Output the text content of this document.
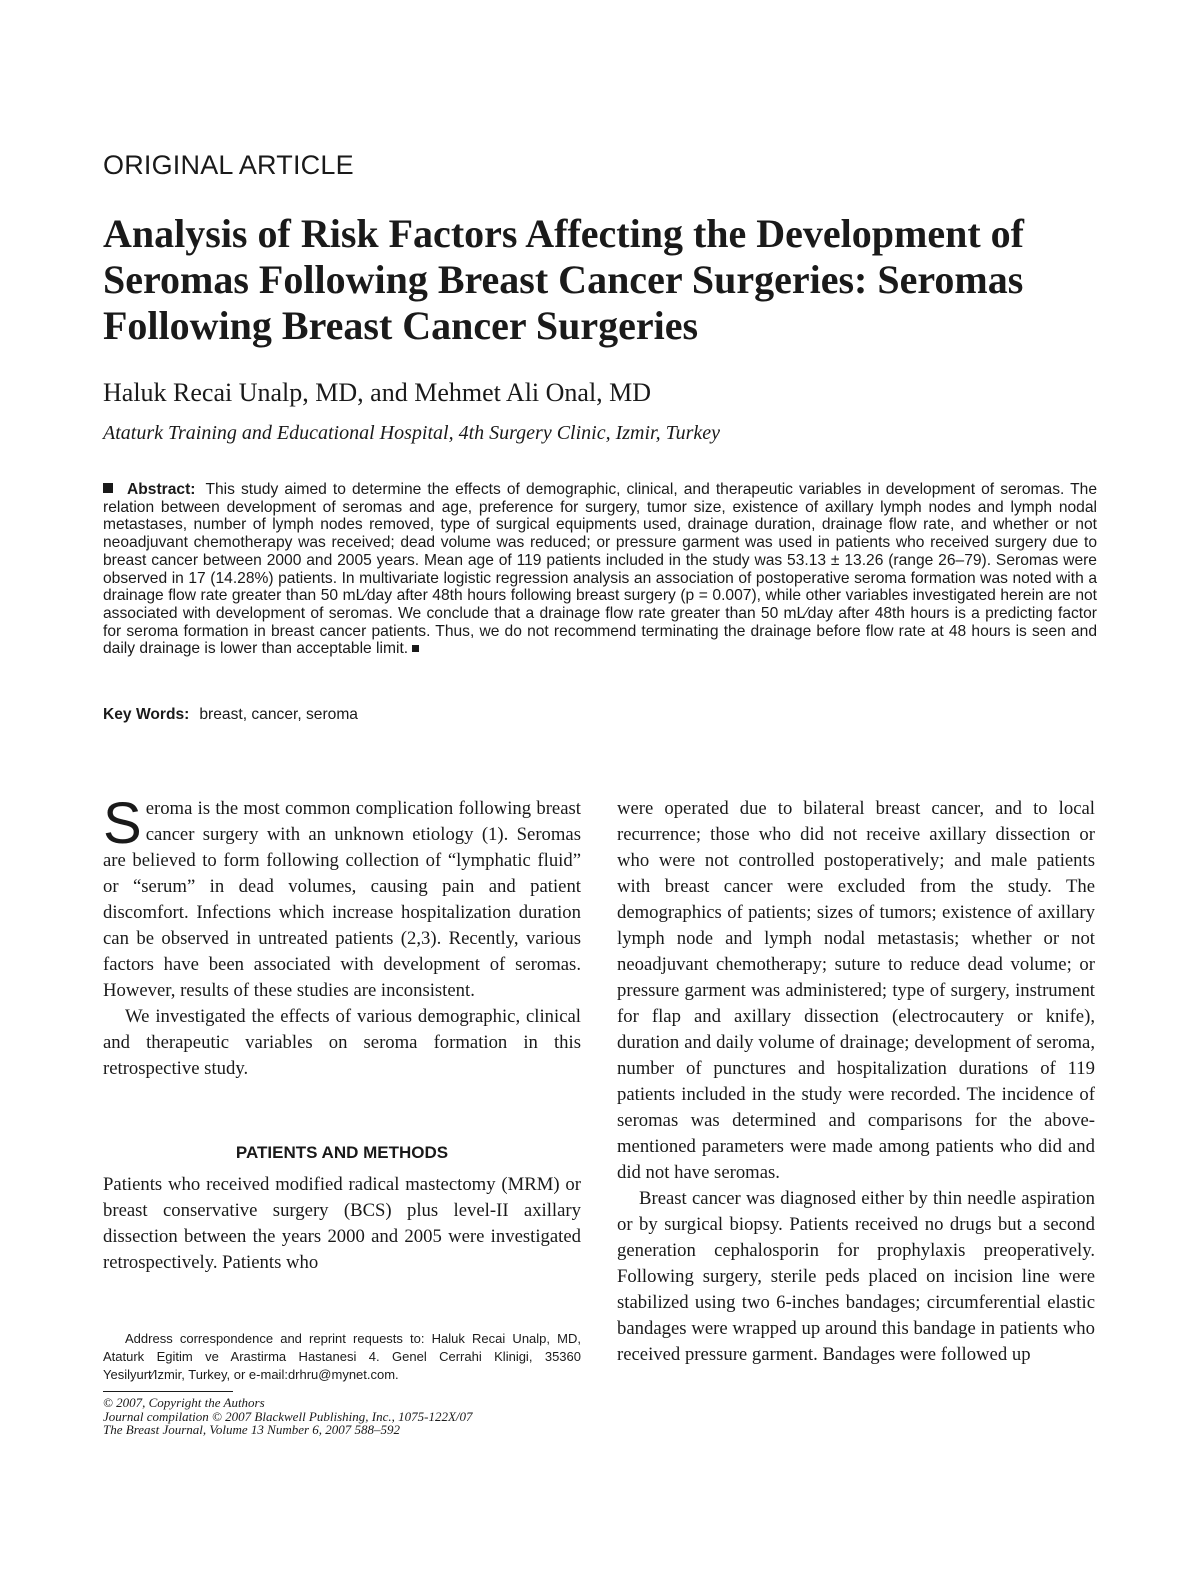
ORIGINAL ARTICLE
Analysis of Risk Factors Affecting the Development of Seromas Following Breast Cancer Surgeries: Seromas Following Breast Cancer Surgeries
Haluk Recai Unalp, MD, and Mehmet Ali Onal, MD
Ataturk Training and Educational Hospital, 4th Surgery Clinic, Izmir, Turkey

Abstract: This study aimed to determine the effects of demographic, clinical, and therapeutic variables in development of seromas. The relation between development of seromas and age, preference for surgery, tumor size, existence of axillary lymph nodes and lymph nodal metastases, number of lymph nodes removed, type of surgical equipments used, drainage duration, drainage flow rate, and whether or not neoadjuvant chemotherapy was received; dead volume was reduced; or pressure garment was used in patients who received surgery due to breast cancer between 2000 and 2005 years. Mean age of 119 patients included in the study was 53.13 ± 13.26 (range 26–79). Seromas were observed in 17 (14.28%) patients. In multivariate logistic regression analysis an association of postoperative seroma formation was noted with a drainage flow rate greater than 50 mL⁄day after 48th hours following breast surgery (p = 0.007), while other variables investigated herein are not associated with development of seromas. We conclude that a drainage flow rate greater than 50 mL⁄day after 48th hours is a predicting factor for seroma formation in breast cancer patients. Thus, we do not recommend terminating the drainage before flow rate at 48 hours is seen and daily drainage is lower than acceptable limit.

Key Words: breast, cancer, seroma

Seroma is the most common complication following breast cancer surgery with an unknown etiology (1). Seromas are believed to form following collection of “lymphatic fluid” or “serum” in dead volumes, causing pain and patient discomfort. Infections which increase hospitalization duration can be observed in untreated patients (2,3). Recently, various factors have been associated with development of seromas. However, results of these studies are inconsistent.

We investigated the effects of various demographic, clinical and therapeutic variables on seroma formation in this retrospective study.

PATIENTS AND METHODS

Patients who received modified radical mastectomy (MRM) or breast conservative surgery (BCS) plus level-II axillary dissection between the years 2000 and 2005 were investigated retrospectively. Patients who

were operated due to bilateral breast cancer, and to local recurrence; those who did not receive axillary dissection or who were not controlled postoperatively; and male patients with breast cancer were excluded from the study. The demographics of patients; sizes of tumors; existence of axillary lymph node and lymph nodal metastasis; whether or not neoadjuvant chemotherapy; suture to reduce dead volume; or pressure garment was administered; type of surgery, instrument for flap and axillary dissection (electrocautery or knife), duration and daily volume of drainage; development of seroma, number of punctures and hospitalization durations of 119 patients included in the study were recorded. The incidence of seromas was determined and comparisons for the above-mentioned parameters were made among patients who did and did not have seromas.

Breast cancer was diagnosed either by thin needle aspiration or by surgical biopsy. Patients received no drugs but a second generation cephalosporin for prophylaxis preoperatively. Following surgery, sterile peds placed on incision line were stabilized using two 6-inches bandages; circumferential elastic bandages were wrapped up around this bandage in patients who received pressure garment. Bandages were followed up

Address correspondence and reprint requests to: Haluk Recai Unalp, MD, Ataturk Egitim ve Arastirma Hastanesi 4. Genel Cerrahi Klinigi, 35360 Yesilyurt⁄Izmir, Turkey, or e-mail:drhru@mynet.com.

© 2007, Copyright the Authors
Journal compilation © 2007 Blackwell Publishing, Inc., 1075-122X/07
The Breast Journal, Volume 13 Number 6, 2007 588–592
